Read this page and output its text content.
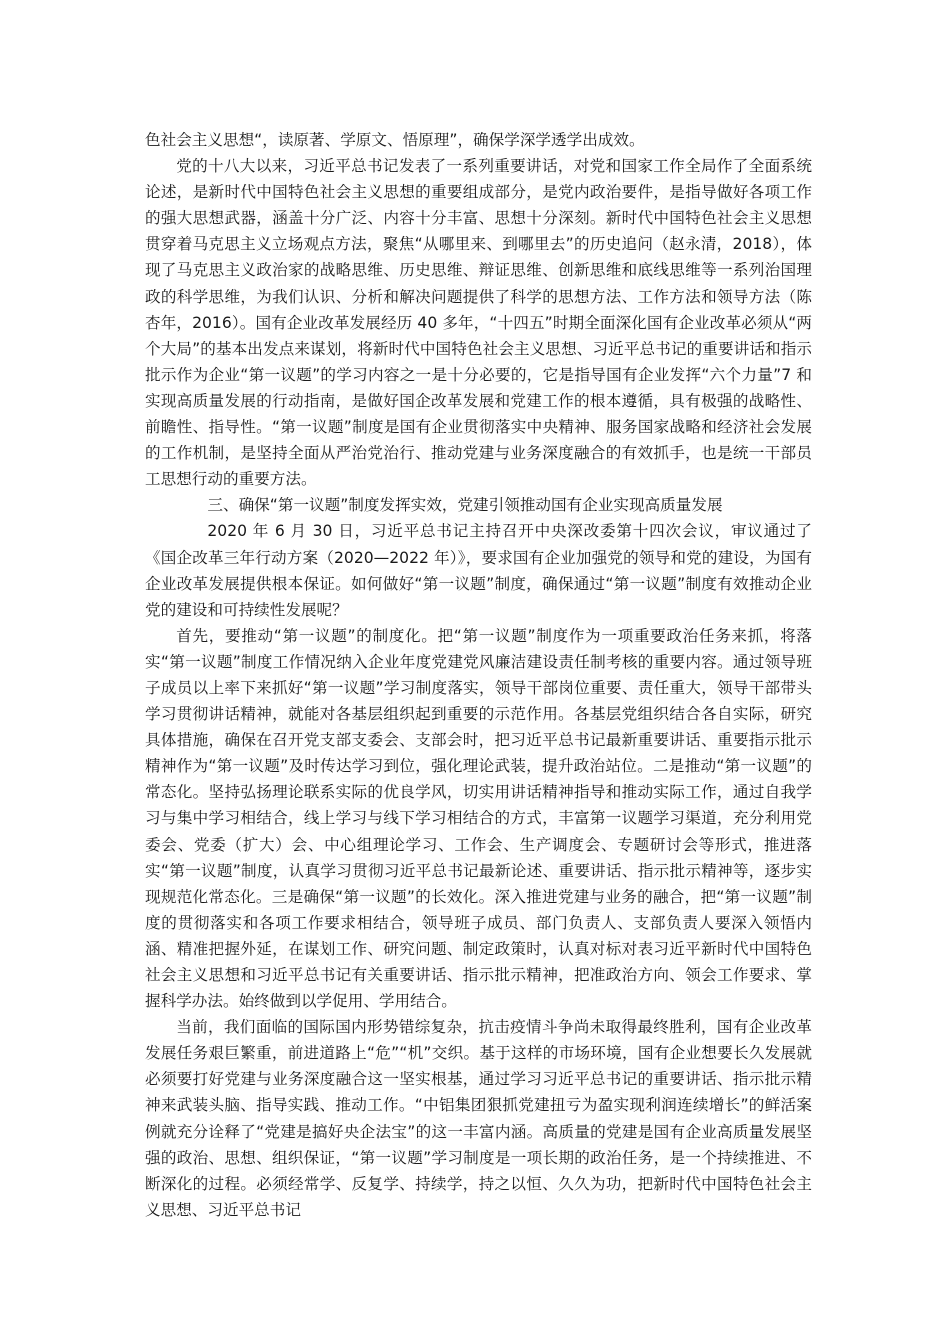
色社会主义思想“，读原著、学原文、悟原理”，确保学深学透学出成效。

党的十八大以来，习近平总书记发表了一系列重要讲话，对党和国家工作全局作了全面系统论述，是新时代中国特色社会主义思想的重要组成部分，是党内政治要件，是指导做好各项工作的强大思想武器，涵盖十分广泛、内容十分丰富、思想十分深刻。新时代中国特色社会主义思想贯穿着马克思主义立场观点方法，聚焦“从哪里来、到哪里去”的历史追问（赵永清，2018），体现了马克思主义政治家的战略思维、历史思维、辩证思维、创新思维和底线思维等一系列治国理政的科学思维，为我们认识、分析和解决问题提供了科学的思想方法、工作方法和领导方法（陈杏年，2016）。国有企业改革发展经历 40 多年，“十四五”时期全面深化国有企业改革必须从“两个大局”的基本出发点来谋划，将新时代中国特色社会主义思想、习近平总书记的重要讲话和指示批示作为企业“第一议题”的学习内容之一是十分必要的，它是指导国有企业发挥“六个力量”7 和实现高质量发展的行动指南，是做好国企改革发展和党建工作的根本遵循，具有极强的战略性、前瞻性、指导性。“第一议题”制度是国有企业贯彻落实中央精神、服务国家战略和经济社会发展的工作机制，是坚持全面从严治党治行、推动党建与业务深度融合的有效抓手，也是统一干部员工思想行动的重要方法。

三、确保“第一议题”制度发挥实效，党建引领推动国有企业实现高质量发展

2020 年 6 月 30 日，习近平总书记主持召开中央深改委第十四次会议，审议通过了《国企改革三年行动方案（2020—2022 年）》，要求国有企业加强党的领导和党的建设，为国有企业改革发展提供根本保证。如何做好“第一议题”制度，确保通过“第一议题”制度有效推动企业党的建设和可持续性发展呢？

首先，要推动“第一议题”的制度化。把“第一议题”制度作为一项重要政治任务来抓，将落实“第一议题”制度工作情况纳入企业年度党建党风廉洁建设责任制考核的重要内容。通过领导班子成员以上率下来抓好“第一议题”学习制度落实，领导干部岗位重要、责任重大，领导干部带头学习贯彻讲话精神，就能对各基层组织起到重要的示范作用。各基层党组织结合各自实际，研究具体措施，确保在召开党支部支委会、支部会时，把习近平总书记最新重要讲话、重要指示批示精神作为“第一议题”及时传达学习到位，强化理论武装，提升政治站位。二是推动“第一议题”的常态化。坚持弘扬理论联系实际的优良学风，切实用讲话精神指导和推动实际工作，通过自我学习与集中学习相结合，线上学习与线下学习相结合的方式，丰富第一议题学习渠道，充分利用党委会、党委（扩大）会、中心组理论学习、工作会、生产调度会、专题研讨会等形式，推进落实“第一议题”制度，认真学习贯彻习近平总书记最新论述、重要讲话、指示批示精神等，逐步实现规范化常态化。三是确保“第一议题”的长效化。深入推进党建与业务的融合，把“第一议题”制度的贯彻落实和各项工作要求相结合，领导班子成员、部门负责人、支部负责人要深入领悟内涵、精准把握外延，在谋划工作、研究问题、制定政策时，认真对标对表习近平新时代中国特色社会主义思想和习近平总书记有关重要讲话、指示批示精神，把准政治方向、领会工作要求、掌握科学办法。始终做到以学促用、学用结合。

当前，我们面临的国际国内形势错综复杂，抗击疫情斗争尚未取得最终胜利，国有企业改革发展任务艰巨繁重，前进道路上“危”“机”交织。基于这样的市场环境，国有企业想要长久发展就必须要打好党建与业务深度融合这一坚实根基，通过学习习近平总书记的重要讲话、指示批示精神来武装头脑、指导实践、推动工作。“中铝集团狠抓党建扭亏为盈实现利润连续增长”的鲜活案例就充分诠释了“党建是搞好央企法宝”的这一丰富内涵。高质量的党建是国有企业高质量发展坚强的政治、思想、组织保证，“第一议题”学习制度是一项长期的政治任务，是一个持续推进、不断深化的过程。必须经常学、反复学、持续学，持之以恒、久久为功，把新时代中国特色社会主义思想、习近平总书记
